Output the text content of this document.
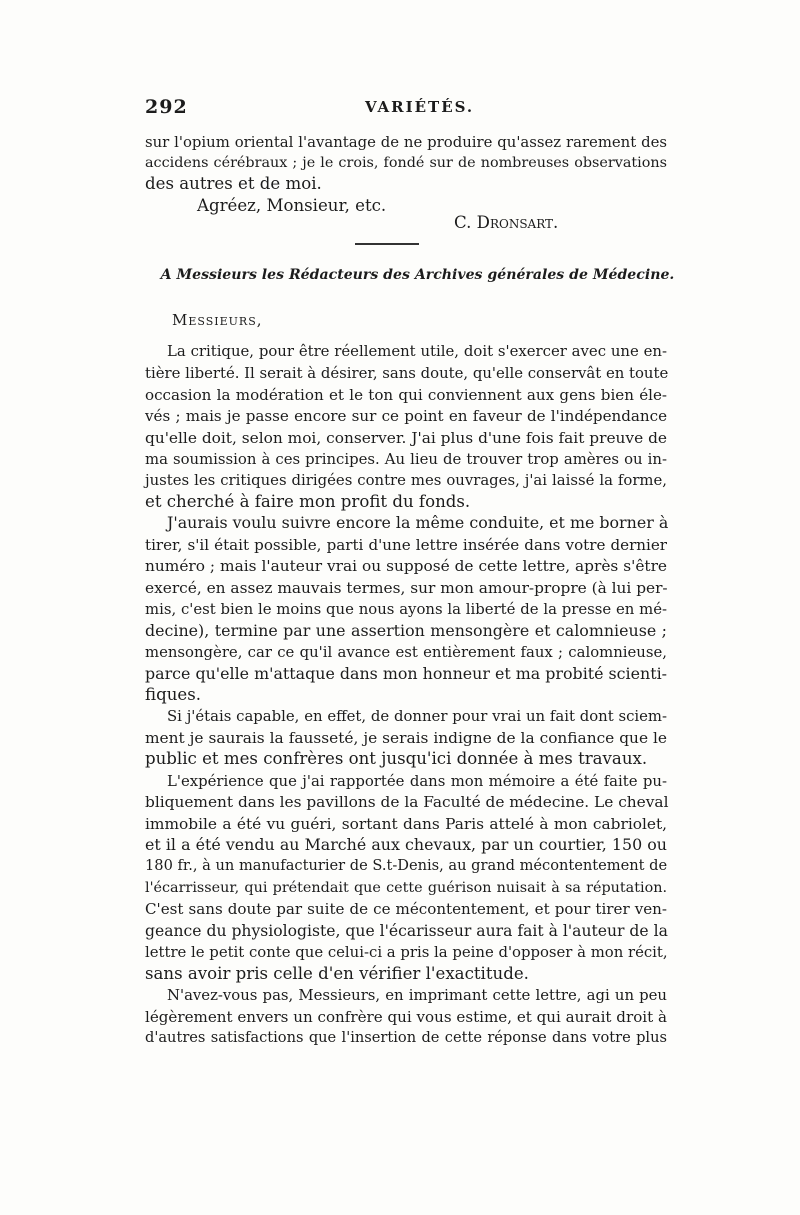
292	VARIÉTÉS.
sur l'opium oriental l'avantage de ne produire qu'assez rarement des
accidens cérébraux ; je le crois, fondé sur de nombreuses observations
des autres et de moi.
Agréez, Monsieur, etc.
C. Dronsart.
A Messieurs les Rédacteurs des Archives générales de Médecine.
Messieurs,
La critique, pour être réellement utile, doit s'exercer avec une en-
tière liberté. Il serait à désirer, sans doute, qu'elle conservât en toute
occasion la modération et le ton qui conviennent aux gens bien éle-
vés ; mais je passe encore sur ce point en faveur de l'indépendance
qu'elle doit, selon moi, conserver. J'ai plus d'une fois fait preuve de
ma soumission à ces principes. Au lieu de trouver trop amères ou in-
justes les critiques dirigées contre mes ouvrages, j'ai laissé la forme,
et cherché à faire mon profit du fonds.
J'aurais voulu suivre encore la même conduite, et me borner à
tirer, s'il était possible, parti d'une lettre insérée dans votre dernier
numéro ; mais l'auteur vrai ou supposé de cette lettre, après s'être
exercé, en assez mauvais termes, sur mon amour-propre (à lui per-
mis, c'est bien le moins que nous ayons la liberté de la presse en mé-
decine), termine par une assertion mensongère et calomnieuse ;
mensongère, car ce qu'il avance est entièrement faux ; calomnieuse,
parce qu'elle m'attaque dans mon honneur et ma probité scienti-
fiques.
Si j'étais capable, en effet, de donner pour vrai un fait dont sciem-
ment je saurais la fausseté, je serais indigne de la confiance que le
public et mes confrères ont jusqu'ici donnée à mes travaux.
L'expérience que j'ai rapportée dans mon mémoire a été faite pu-
bliquement dans les pavillons de la Faculté de médecine. Le cheval
immobile a été vu guéri, sortant dans Paris attelé à mon cabriolet,
et il a été vendu au Marché aux chevaux, par un courtier, 150 ou
180 fr., à un manufacturier de S.t-Denis, au grand mécontentement de
l'écarrisseur, qui prétendait que cette guérison nuisait à sa réputation.
C'est sans doute par suite de ce mécontentement, et pour tirer ven-
geance du physiologiste, que l'écarisseur aura fait à l'auteur de la
lettre le petit conte que celui-ci a pris la peine d'opposer à mon récit,
sans avoir pris celle d'en vérifier l'exactitude.
N'avez-vous pas, Messieurs, en imprimant cette lettre, agi un peu
légèrement envers un confrère qui vous estime, et qui aurait droit à
d'autres satisfactions que l'insertion de cette réponse dans votre plus
